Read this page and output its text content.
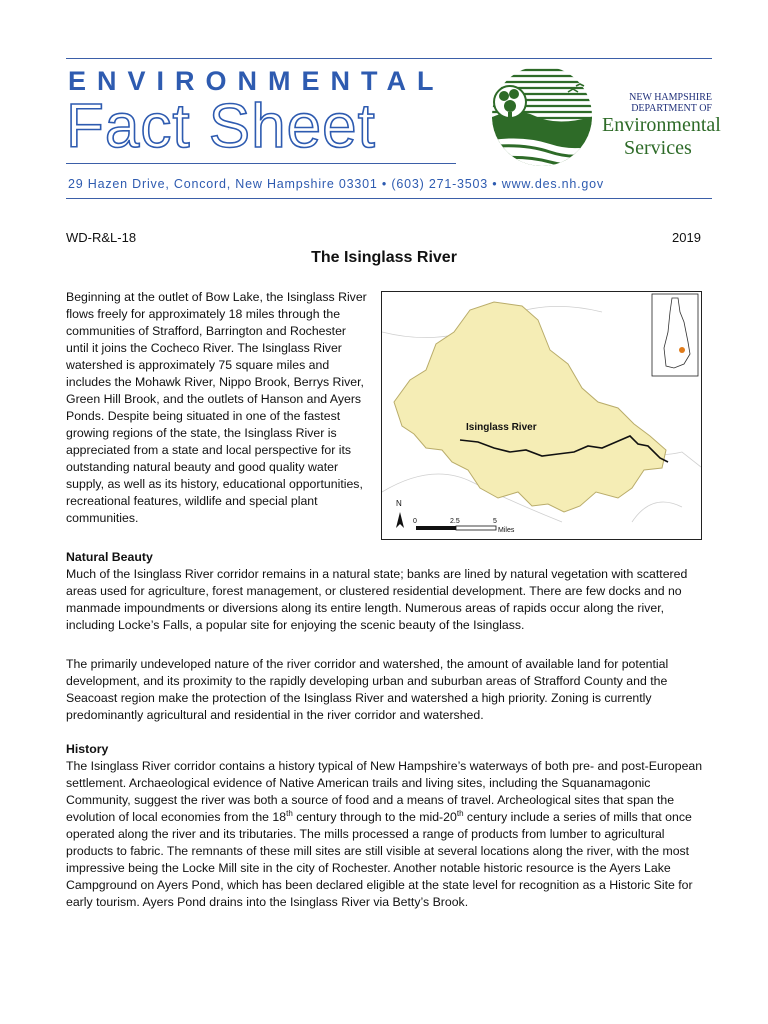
ENVIRONMENTAL
Fact Sheet
29 Hazen Drive, Concord, New Hampshire 03301 • (603) 271-3503 • www.des.nh.gov
NEW HAMPSHIRE
DEPARTMENT OF
Environmental
Services
WD-R&L-18	2019
The Isinglass River
Beginning at the outlet of Bow Lake, the Isinglass River flows freely for approximately 18 miles through the communities of Strafford, Barrington and Rochester until it joins the Cocheco River. The Isinglass River watershed is approximately 75 square miles and includes the Mohawk River, Nippo Brook, Berrys River, Green Hill Brook, and the outlets of Hanson and Ayers Ponds. Despite being situated in one of the fastest growing regions of the state, the Isinglass River is appreciated from a state and local perspective for its outstanding natural beauty and good quality water supply, as well as its history, educational opportunities, recreational features, wildlife and special plant communities.
Isinglass River
N
0	2.5	5
Miles
Natural Beauty
Much of the Isinglass River corridor remains in a natural state; banks are lined by natural vegetation with scattered areas used for agriculture, forest management, or clustered residential development. There are few docks and no manmade impoundments or diversions along its entire length. Numerous areas of rapids occur along the river, including Locke’s Falls, a popular site for enjoying the scenic beauty of the Isinglass.
The primarily undeveloped nature of the river corridor and watershed, the amount of available land for potential development, and its proximity to the rapidly developing urban and suburban areas of Strafford County and the Seacoast region make the protection of the Isinglass River and watershed a high priority. Zoning is currently predominantly agricultural and residential in the river corridor and watershed.
History
The Isinglass River corridor contains a history typical of New Hampshire’s waterways of both pre- and post-European settlement. Archaeological evidence of Native American trails and living sites, including the Squanamagonic Community, suggest the river was both a source of food and a means of travel. Archeological sites that span the evolution of local economies from the 18th century through to the mid-20th century include a series of mills that once operated along the river and its tributaries. The mills processed a range of products from lumber to agricultural products to fabric. The remnants of these mill sites are still visible at several locations along the river, with the most impressive being the Locke Mill site in the city of Rochester. Another notable historic resource is the Ayers Lake Campground on Ayers Pond, which has been declared eligible at the state level for recognition as a Historic Site for early tourism. Ayers Pond drains into the Isinglass River via Betty’s Brook.
